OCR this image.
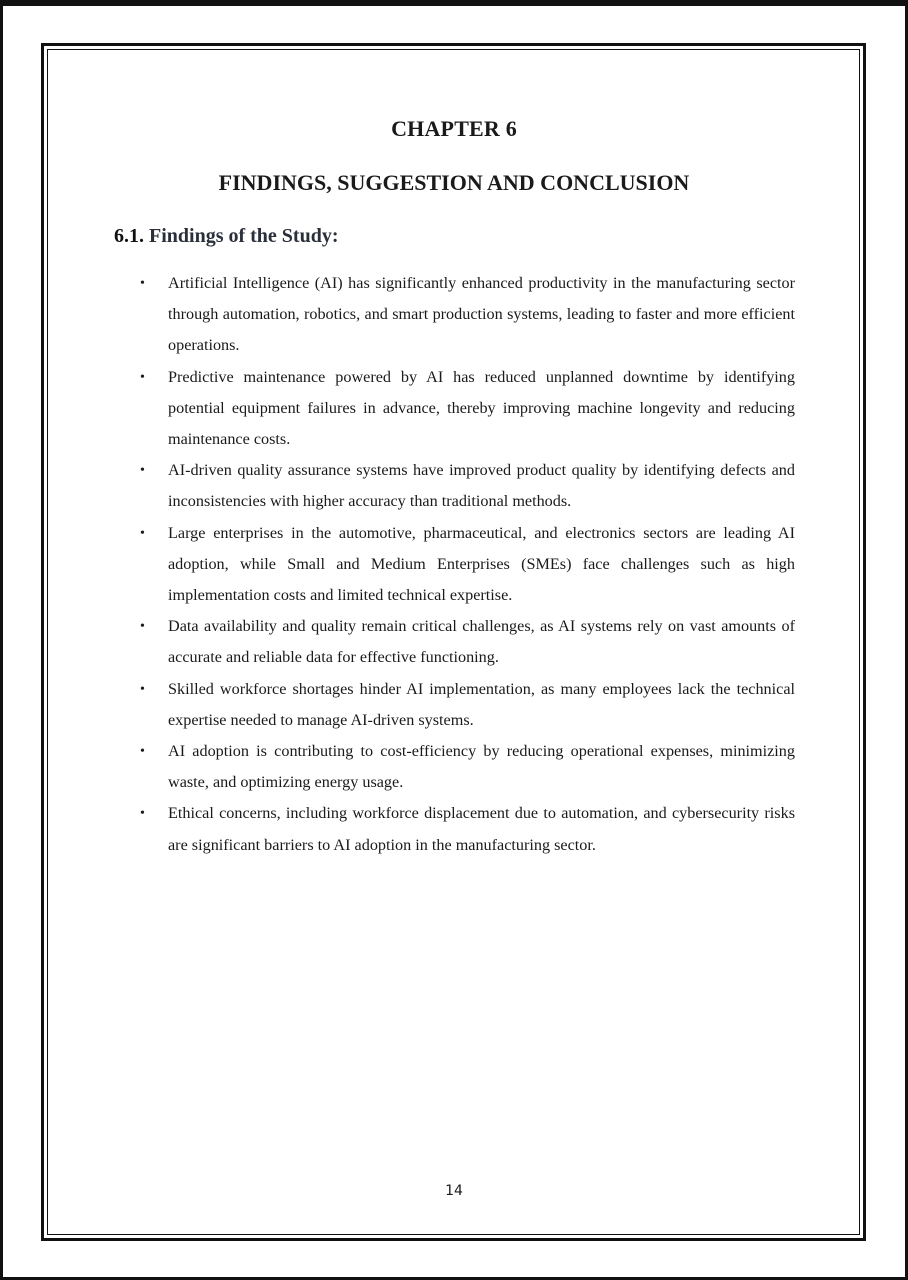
CHAPTER 6
FINDINGS, SUGGESTION AND CONCLUSION
6.1. Findings of the Study:
• Artificial Intelligence (AI) has significantly enhanced productivity in the manufacturing sector through automation, robotics, and smart production systems, leading to faster and more efficient operations.
• Predictive maintenance powered by AI has reduced unplanned downtime by identifying potential equipment failures in advance, thereby improving machine longevity and reducing maintenance costs.
• AI-driven quality assurance systems have improved product quality by identifying defects and inconsistencies with higher accuracy than traditional methods.
• Large enterprises in the automotive, pharmaceutical, and electronics sectors are leading AI adoption, while Small and Medium Enterprises (SMEs) face challenges such as high implementation costs and limited technical expertise.
• Data availability and quality remain critical challenges, as AI systems rely on vast amounts of accurate and reliable data for effective functioning.
• Skilled workforce shortages hinder AI implementation, as many employees lack the technical expertise needed to manage AI-driven systems.
• AI adoption is contributing to cost-efficiency by reducing operational expenses, minimizing waste, and optimizing energy usage.
• Ethical concerns, including workforce displacement due to automation, and cybersecurity risks are significant barriers to AI adoption in the manufacturing sector.
14
